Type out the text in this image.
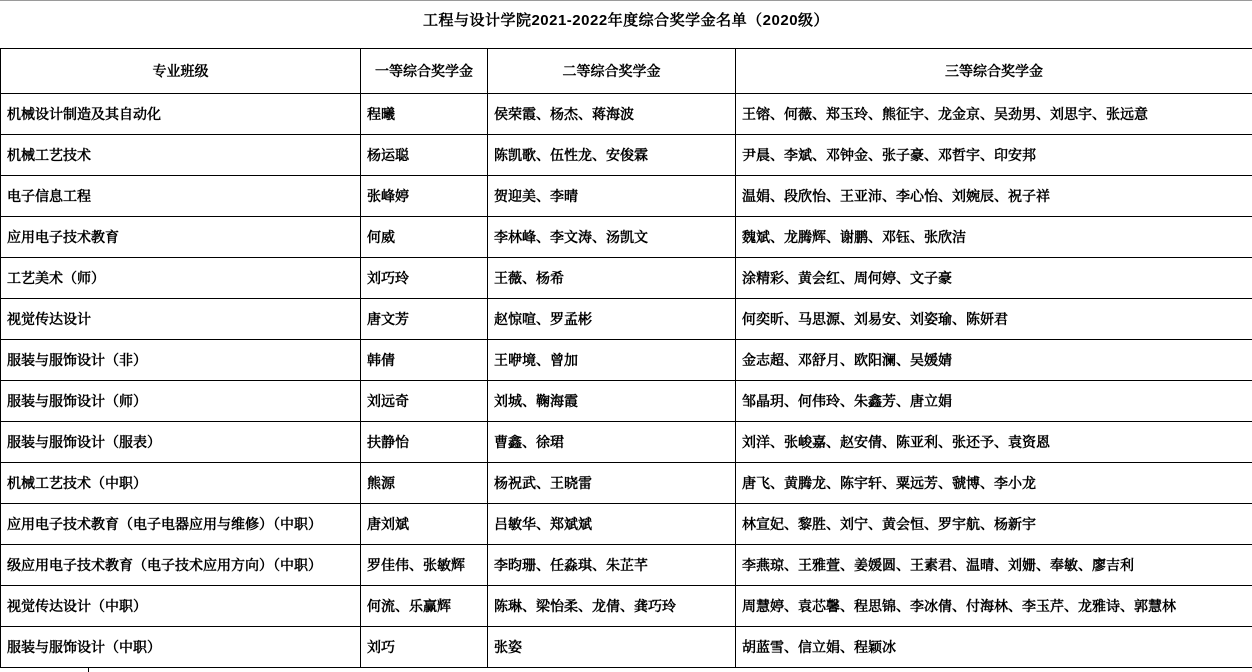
工程与设计学院2021-2022年度综合奖学金名单（2020级）
专业班级	一等综合奖学金	二等综合奖学金	三等综合奖学金
机械设计制造及其自动化	程曦	侯荣霞、杨杰、蒋海波	王镕、何薇、郑玉玲、熊征宇、龙金京、吴劲男、刘思宇、张远意
机械工艺技术	杨运聪	陈凯歌、伍性龙、安俊霖	尹晨、李斌、邓钟金、张子豪、邓哲宇、印安邦
电子信息工程	张峰婷	贺迎美、李晴	温娟、段欣怡、王亚沛、李心怡、刘婉辰、祝子祥
应用电子技术教育	何威	李林峰、李文涛、汤凯文	魏斌、龙腾辉、谢鹏、邓钰、张欣洁
工艺美术（师）	刘巧玲	王薇、杨希	涂精彩、黄会红、周何婷、文子豪
视觉传达设计	唐文芳	赵惊喧、罗孟彬	何奕昕、马思源、刘易安、刘姿瑜、陈妍君
服装与服饰设计（非）	韩倩	王咿境、曾加	金志超、邓舒月、欧阳澜、吴媛婧
服装与服饰设计（师）	刘远奇	刘城、鞠海霞	邹晶玥、何伟玲、朱鑫芳、唐立娟
服装与服饰设计（服表）	扶静怡	曹鑫、徐珺	刘洋、张峻嘉、赵安倩、陈亚利、张还予、袁资恩
机械工艺技术（中职）	熊源	杨祝武、王晓雷	唐飞、黄腾龙、陈宇轩、粟远芳、虢博、李小龙
应用电子技术教育（电子电器应用与维修）（中职）	唐刘斌	吕敏华、郑斌斌	林宣妃、黎胜、刘宁、黄会恒、罗宇航、杨新宇
级应用电子技术教育（电子技术应用方向）（中职）	罗佳伟、张敏辉	李昀珊、任淼琪、朱芷芊	李燕琼、王雅萱、姜媛圆、王素君、温晴、刘姗、奉敏、廖吉利
视觉传达设计（中职）	何流、乐赢辉	陈琳、梁怡柔、龙倩、龚巧玲	周慧婷、袁芯馨、程思锦、李冰倩、付海林、李玉芹、龙雅诗、郭慧林
服装与服饰设计（中职）	刘巧	张姿	胡蓝雪、信立娟、程颖冰
